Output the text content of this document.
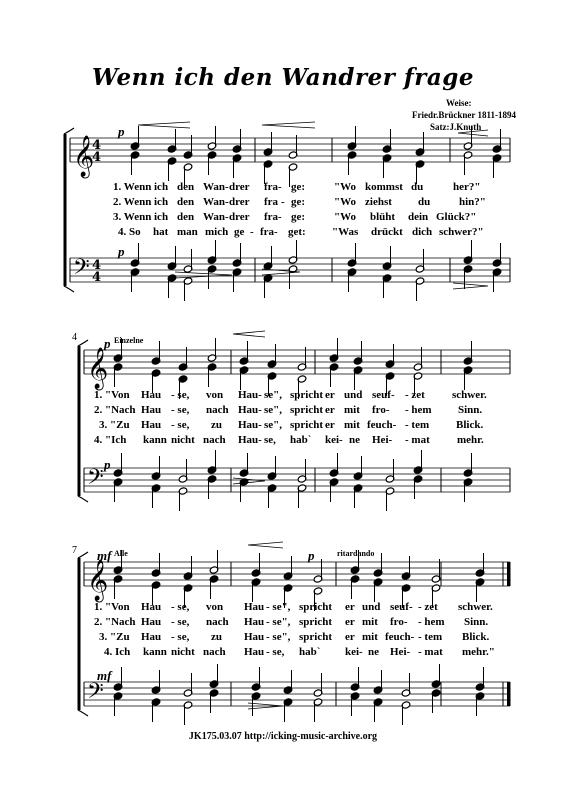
𝄞
𝄢
4
4
4
4
𝄞
𝄢
𝄞
𝄢
Wenn ich den Wandrer frage
Weise:
Friedr.Brückner 1811-1894
Satz:J.Knuth
4
7
p
p
p
p
mf
mf
p
Einzelne
Alle	ritardando
1. Wenn ich den Wan- drer fra- ge:	"Wo kommst du	her?"
2. Wenn ich den Wan- drer fra - ge:	"Wo ziehst du	hin?"
3. Wenn ich den Wan- drer fra- ge:	"Wo blüht dein Glück?"
4. So hat man mich ge - fra- get: "Was drückt dich schwer?"
1. "Von Hau - se, von Hau- se", spricht er und seuf- - zet schwer.
2. "Nach Hau - se, nach Hau- se", spricht er mit fro- - hem Sinn.
3. "Zu Hau - se, zu Hau- se", spricht er mit feuch- - tem Blick.
4. "Ich kann nicht nach Hau- se, hab` kei- ne Hei- - mat mehr.
1. "Von Hau - se, von Hau - se", spricht er und seuf- - zet schwer.
2. "Nach Hau - se, nach Hau - se", spricht er mit fro- - hem Sinn.
3. "Zu Hau - se, zu Hau - se", spricht er mit feuch- - tem Blick.
4. Ich kann nicht nach Hau - se, hab` kei- ne Hei- - mat mehr."
JK175.03.07 http://icking-music-archive.org
